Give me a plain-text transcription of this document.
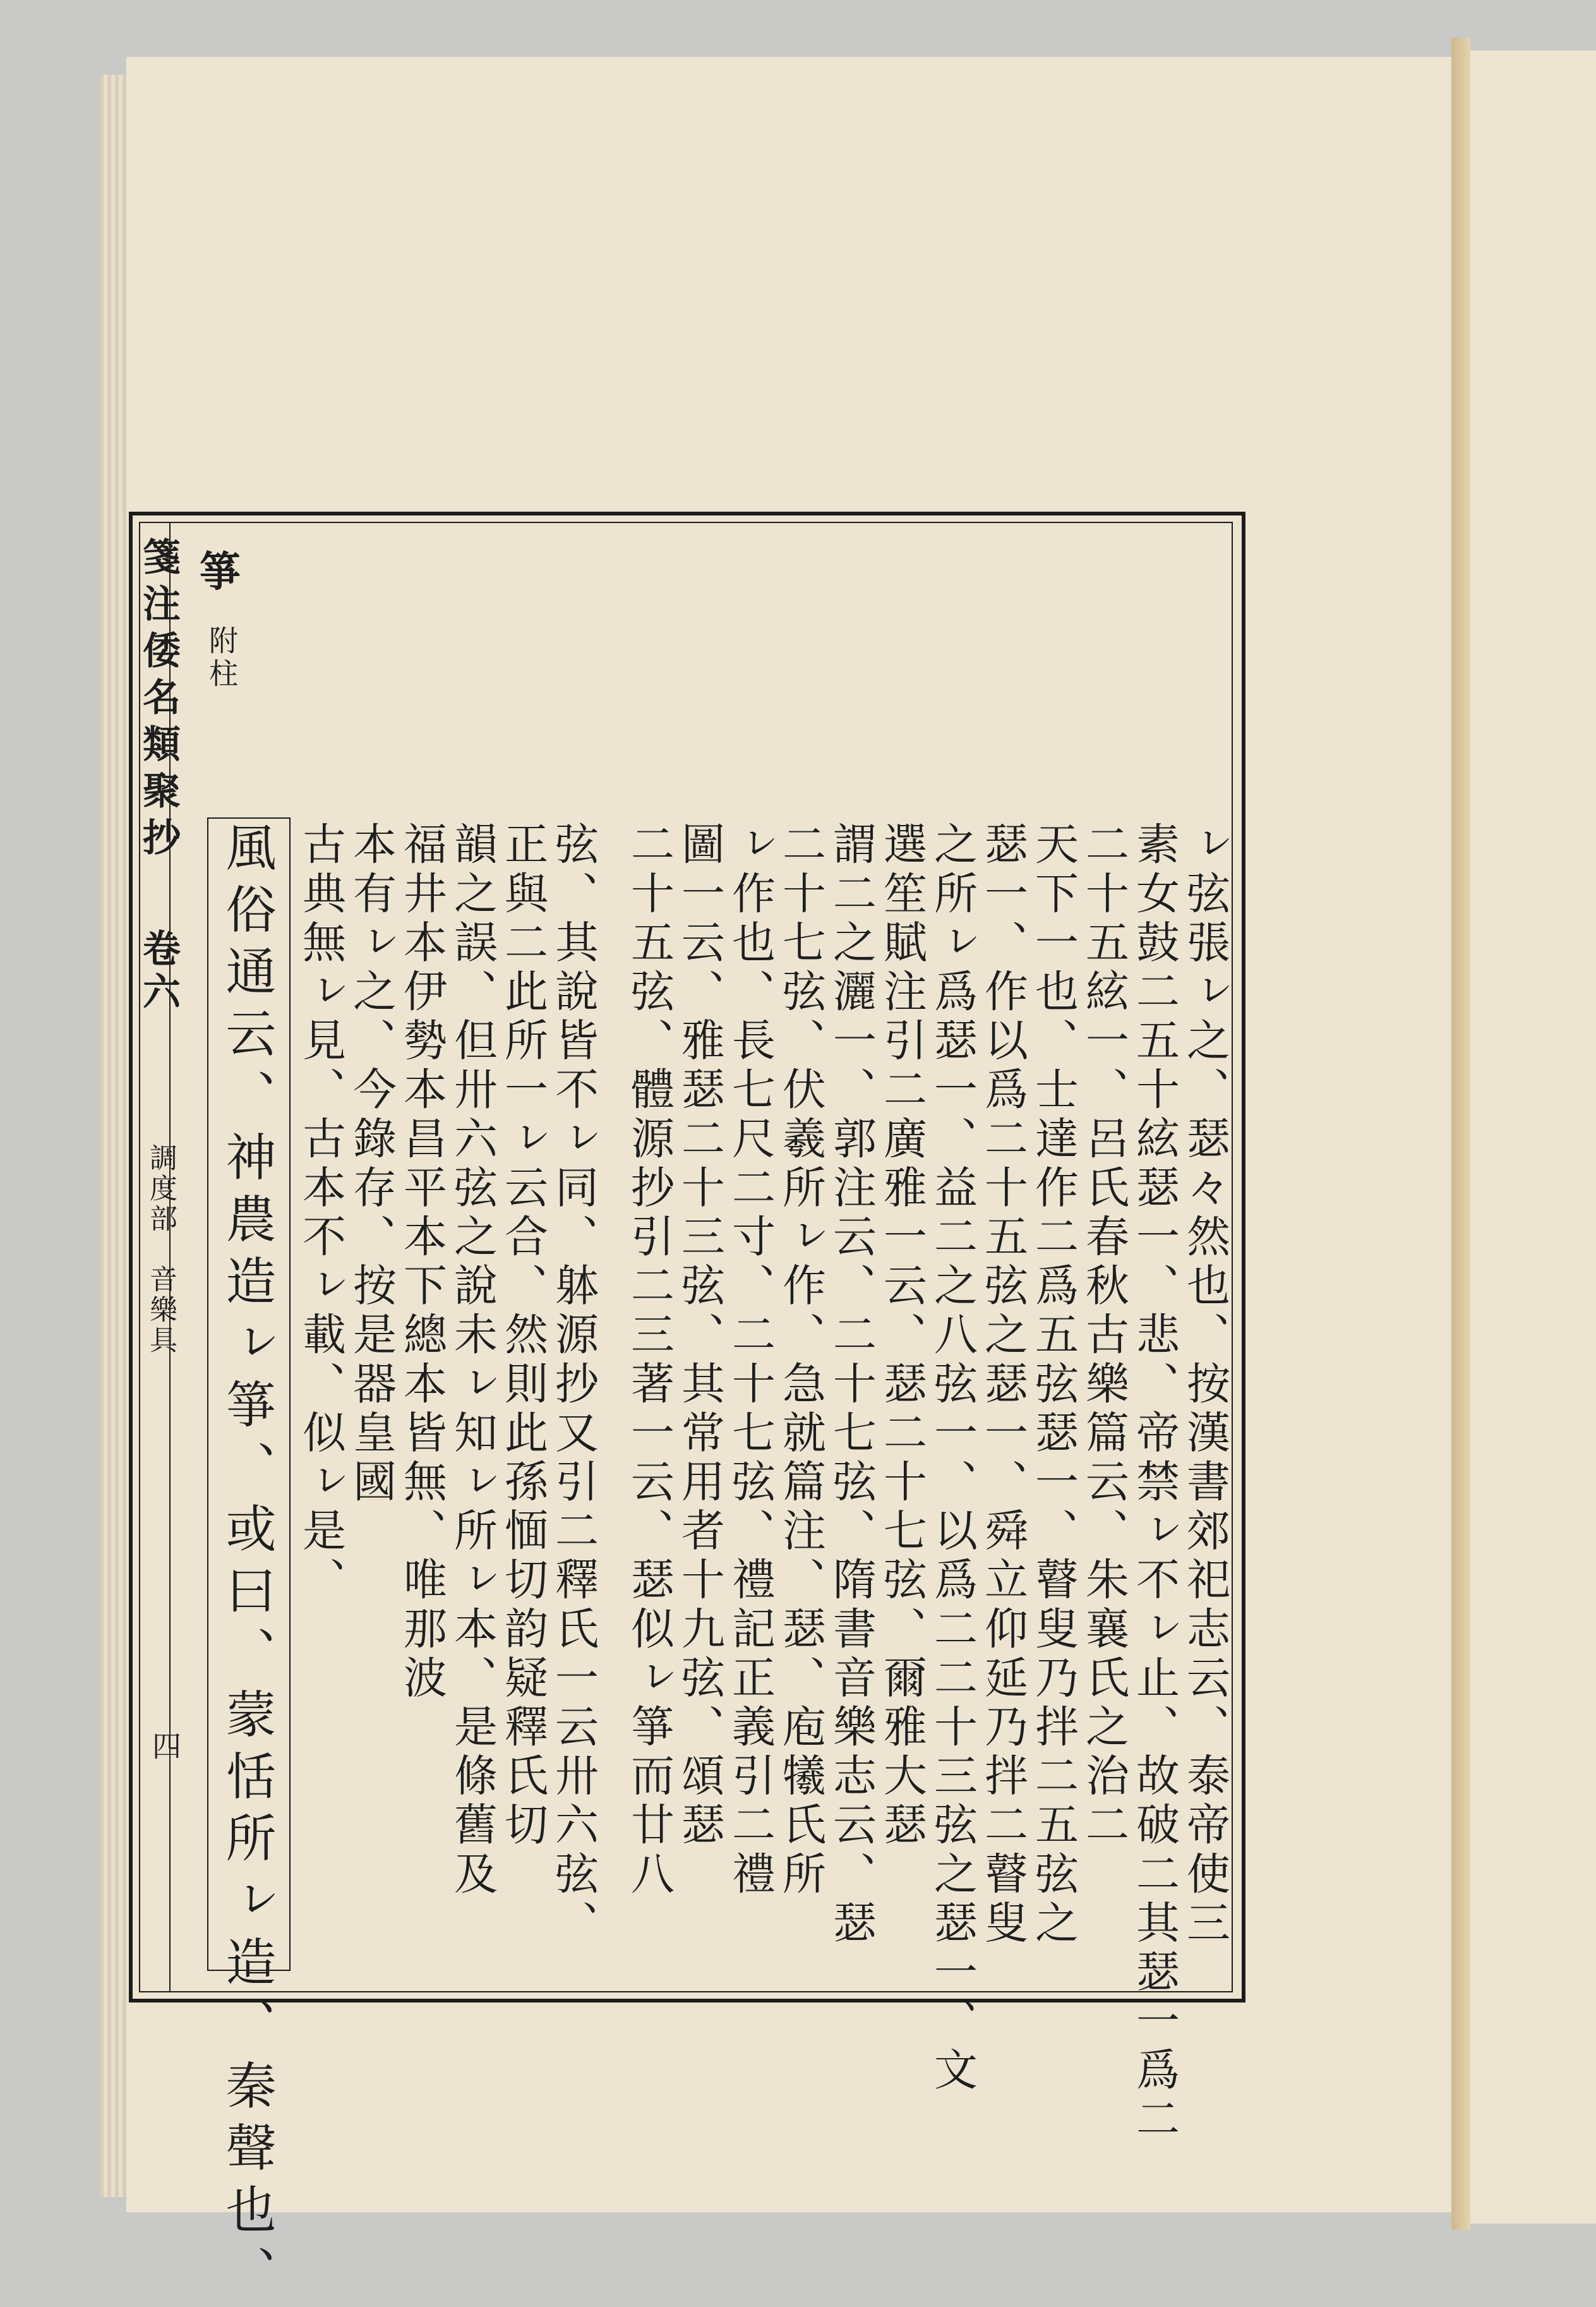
箋注倭名類聚抄
卷六
調度部　音樂具
四
箏
附柱
風俗通云、神農造ㇾ箏、或曰、蒙恬所ㇾ造、秦聲也、	ㇾ弦張ㇾ之、瑟々然也、按漢書郊祀志云、泰帝使三
素女鼓二五十絃瑟一、悲、帝禁ㇾ不ㇾ止、故破二其瑟一爲二
二十五絃一、呂氏春秋古樂篇云、朱襄氏之治二
天下一也、士達作二爲五弦瑟一、瞽叟乃拌二五弦之
瑟一、作以爲二十五弦之瑟一、舜立仰延乃拌二瞽叟
之所ㇾ爲瑟一、益二之八弦一、以爲二二十三弦之瑟一、文
選笙賦注引二廣雅一云、瑟二十七弦、爾雅大瑟
謂二之灑一、郭注云、二十七弦、隋書音樂志云、瑟
二十七弦、伏羲所ㇾ作、急就篇注、瑟、庖犧氏所
ㇾ作也、長七尺二寸、二十七弦、禮記正義引二禮
圖一云、雅瑟二十三弦、其常用者十九弦、頌瑟
二十五弦、體源抄引二三著一云、瑟似ㇾ箏而廿八
弦、其說皆不ㇾ同、躰源抄又引二釋氏一云卅六弦、
正與二此所一ㇾ云合、然則此孫愐切韵疑釋氏切
韻之誤、但卅六弦之說未ㇾ知ㇾ所ㇾ本、是條舊及
福井本伊勢本昌平本下總本皆無、唯那波
本有ㇾ之、今錄存、按是器皇國
古典無ㇾ見、古本不ㇾ載、似ㇾ是、
